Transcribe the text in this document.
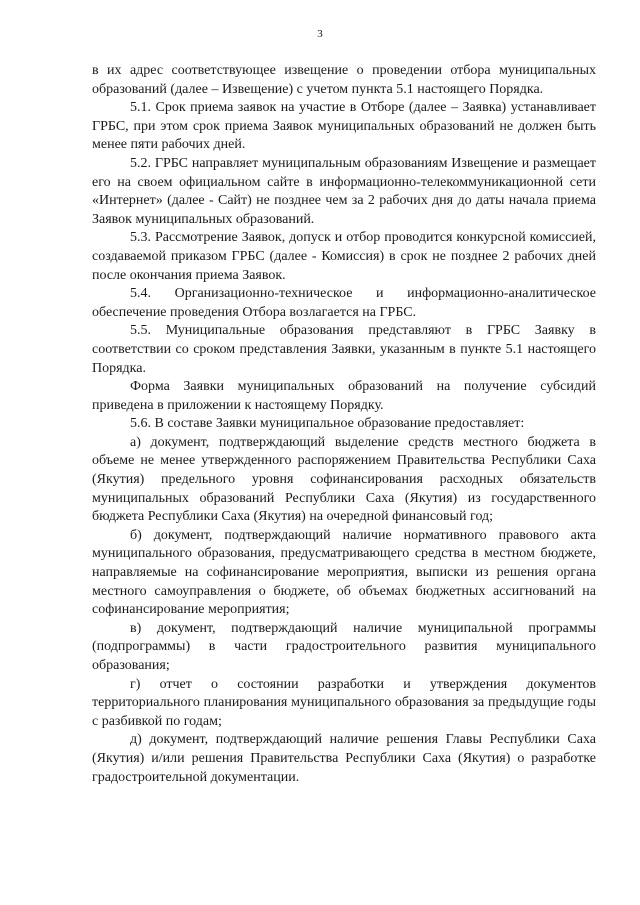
3

в их адрес соответствующее извещение о проведении отбора муниципальных образований (далее – Извещение) с учетом пункта 5.1 настоящего Порядка.

5.1. Срок приема заявок на участие в Отборе (далее – Заявка) устанавливает ГРБС, при этом срок приема Заявок муниципальных образований не должен быть менее пяти рабочих дней.

5.2. ГРБС направляет муниципальным образованиям Извещение и размещает его на своем официальном сайте в информационно-телекоммуникационной сети «Интернет» (далее - Сайт) не позднее чем за 2 рабочих дня до даты начала приема Заявок муниципальных образований.

5.3. Рассмотрение Заявок, допуск и отбор проводится конкурсной комиссией, создаваемой приказом ГРБС (далее - Комиссия) в срок не позднее 2 рабочих дней после окончания приема Заявок.

5.4. Организационно-техническое и информационно-аналитическое обеспечение проведения Отбора возлагается на ГРБС.

5.5. Муниципальные образования представляют в ГРБС Заявку в соответствии со сроком представления Заявки, указанным в пункте 5.1 настоящего Порядка.

Форма Заявки муниципальных образований на получение субсидий приведена в приложении к настоящему Порядку.

5.6. В составе Заявки муниципальное образование предоставляет:

а) документ, подтверждающий выделение средств местного бюджета в объеме не менее утвержденного распоряжением Правительства Республики Саха (Якутия) предельного уровня софинансирования расходных обязательств муниципальных образований Республики Саха (Якутия) из государственного бюджета Республики Саха (Якутия) на очередной финансовый год;

б) документ, подтверждающий наличие нормативного правового акта муниципального образования, предусматривающего средства в местном бюджете, направляемые на софинансирование мероприятия, выписки из решения органа местного самоуправления о бюджете, об объемах бюджетных ассигнований на софинансирование мероприятия;

в) документ, подтверждающий наличие муниципальной программы (подпрограммы) в части градостроительного развития муниципального образования;

г) отчет о состоянии разработки и утверждения документов территориального планирования муниципального образования за предыдущие годы с разбивкой по годам;

д) документ, подтверждающий наличие решения Главы Республики Саха (Якутия) и/или решения Правительства Республики Саха (Якутия) о разработке градостроительной документации.
